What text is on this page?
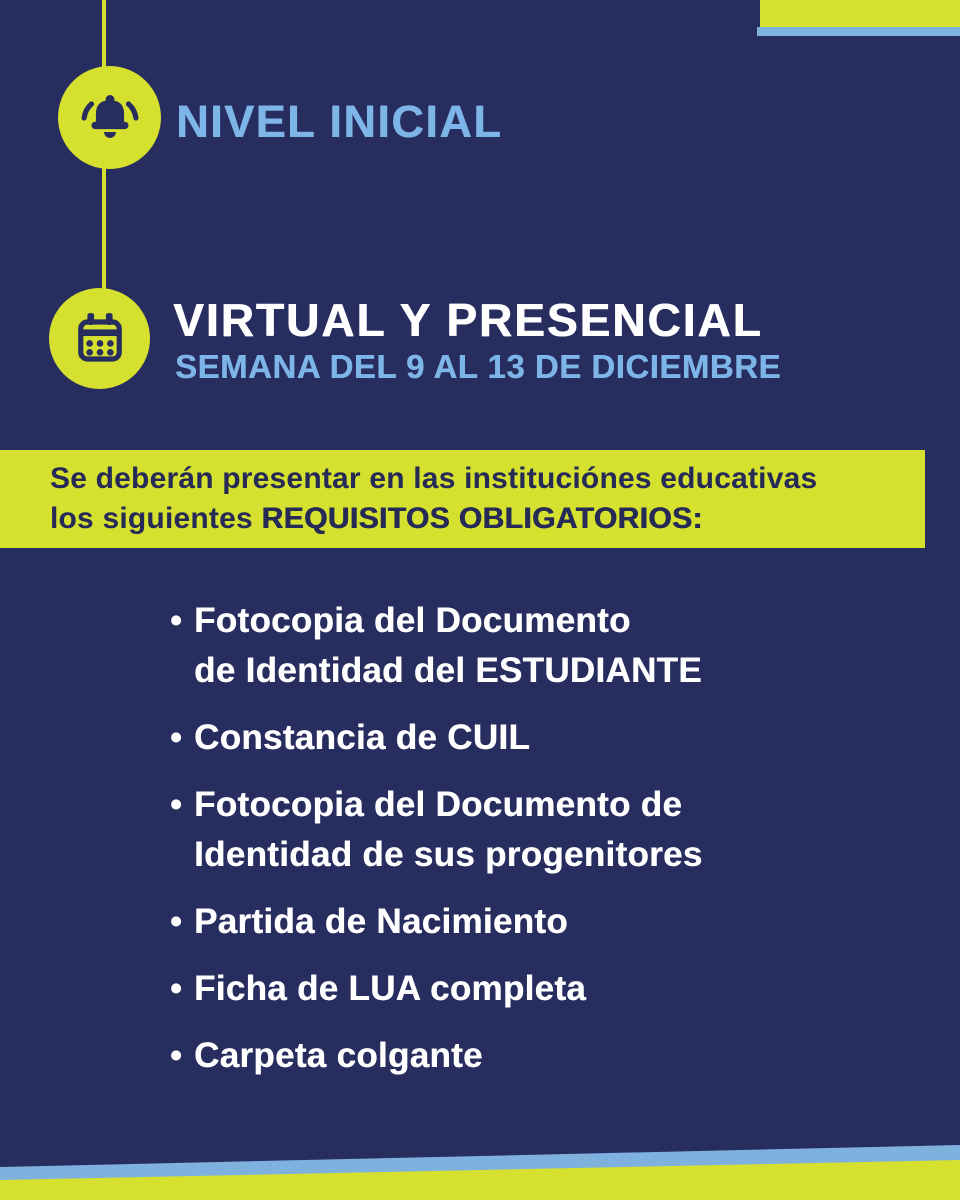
NIVEL INICIAL
VIRTUAL Y PRESENCIAL
SEMANA DEL 9 AL 13 DE DICIEMBRE
Se deberán presentar en las instituciónes educativas
los siguientes REQUISITOS OBLIGATORIOS:
• Fotocopia del Documento
de Identidad del ESTUDIANTE
• Constancia de CUIL
• Fotocopia del Documento de
Identidad de sus progenitores
• Partida de Nacimiento
• Ficha de LUA completa
• Carpeta colgante
